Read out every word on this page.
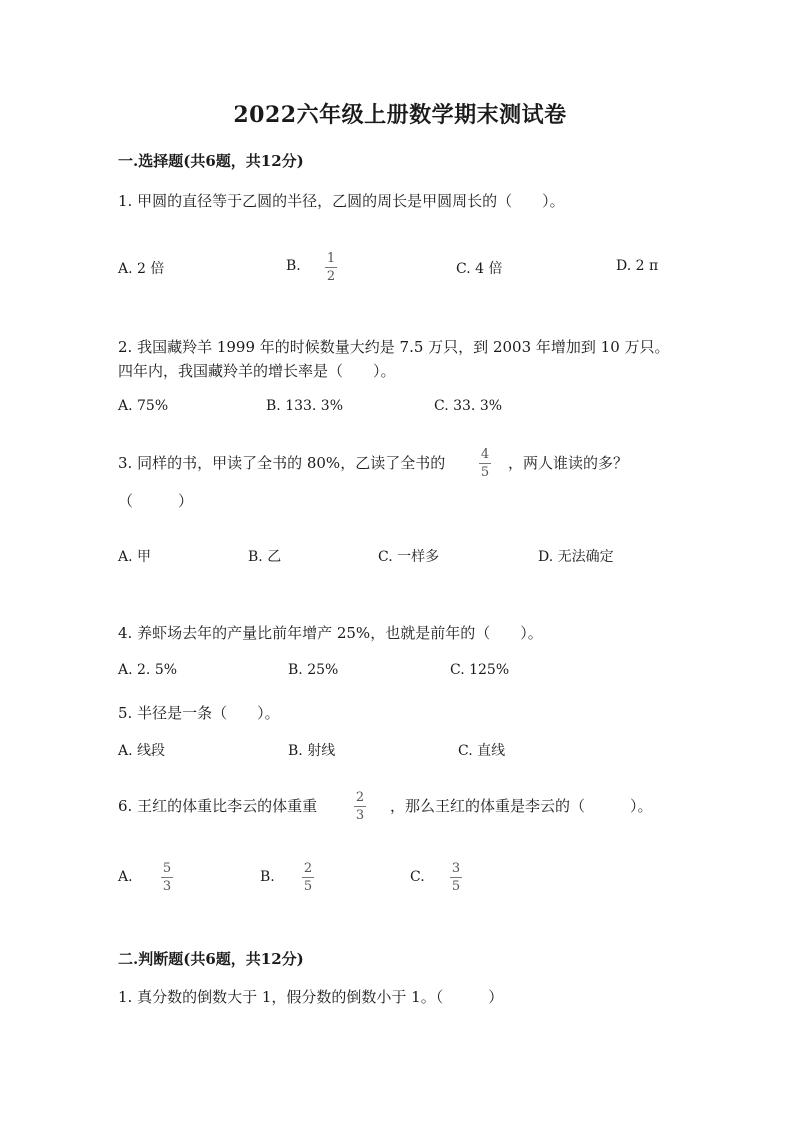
2022六年级上册数学期末测试卷
一.选择题(共6题，共12分)
1. 甲圆的直径等于乙圆的半径，乙圆的周长是甲圆周长的（　　）。
A. 2 倍	B. 1
2	C. 4 倍	D. 2 π
2. 我国藏羚羊 1999 年的时候数量大约是 7.5 万只，到 2003 年增加到 10 万只。
四年内，我国藏羚羊的增长率是（　　）。
A. 75%	B. 133. 3%	C. 33. 3%
3. 同样的书，甲读了全书的 80%，乙读了全书的	4
5
，两人谁读的多？
（　　　）
A. 甲	B. 乙	C. 一样多	D. 无法确定
4. 养虾场去年的产量比前年增产 25%，也就是前年的（　　）。
A. 2. 5%	B. 25%	C. 125%
5. 半径是一条（　　）。
A. 线段	B. 射线	C. 直线
6. 王红的体重比李云的体重重	2
3
，那么王红的体重是李云的（　　　）。
A.
5
3
B.
2
5
C.
3
5
二.判断题(共6题，共12分)
1. 真分数的倒数大于 1，假分数的倒数小于 1。（　　　）
